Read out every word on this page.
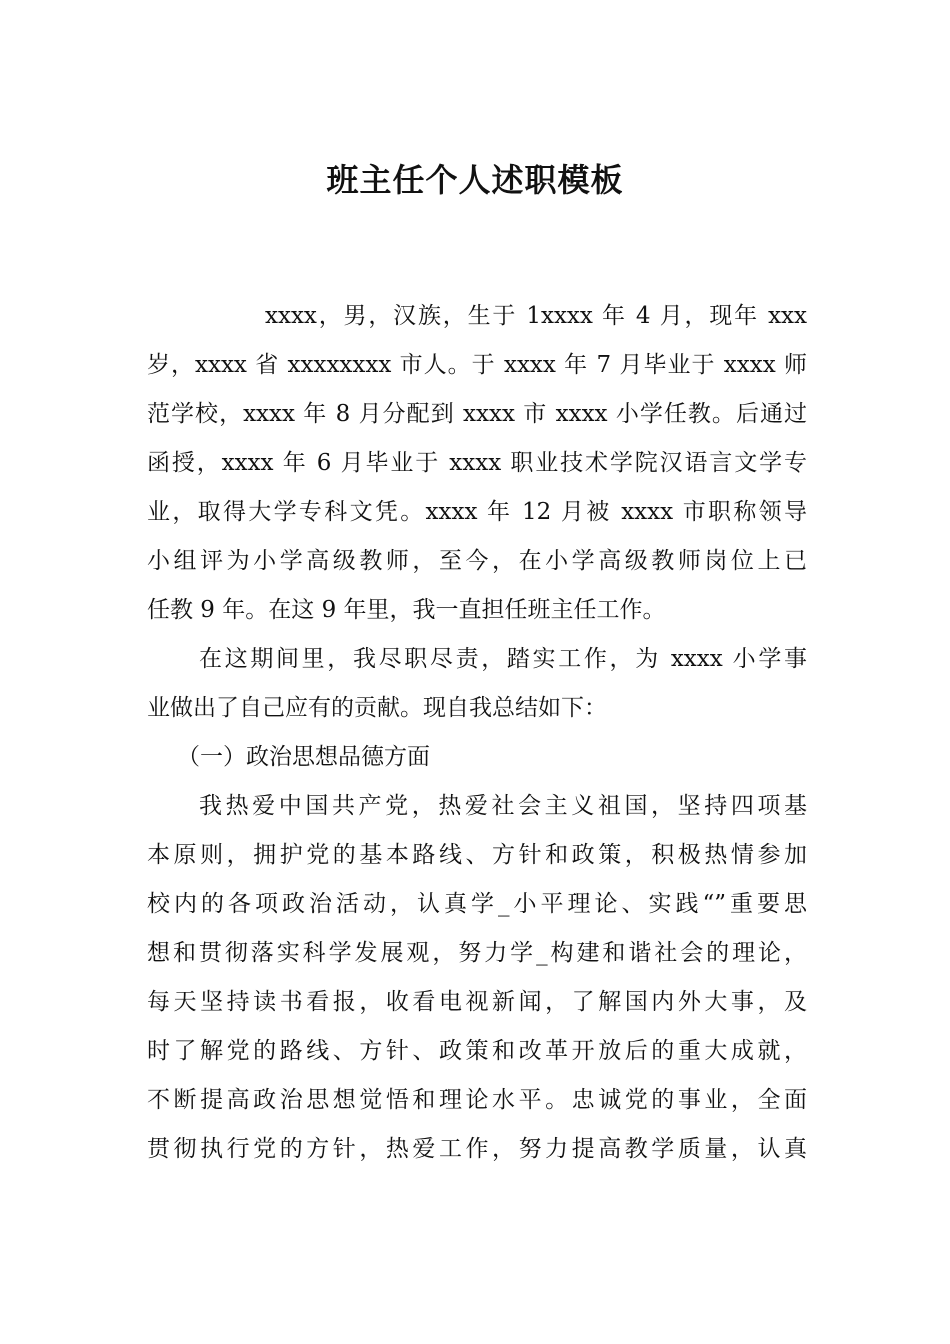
班主任个人述职模板
xxxx，男，汉族，生于 1xxxx 年 4 月，现年 xxx
岁，xxxx 省 xxxxxxxx 市人。于 xxxx 年 7 月毕业于 xxxx 师
范学校，xxxx 年 8 月分配到 xxxx 市 xxxx 小学任教。后通过
函授，xxxx 年 6 月毕业于 xxxx 职业技术学院汉语言文学专
业，取得大学专科文凭。xxxx 年 12 月被 xxxx 市职称领导
小组评为小学高级教师，至今，在小学高级教师岗位上已
任教 9 年。在这 9 年里，我一直担任班主任工作。
在这期间里，我尽职尽责，踏实工作，为 xxxx 小学事
业做出了自己应有的贡献。现自我总结如下：
（一）政治思想品德方面
我热爱中国共产党，热爱社会主义祖国，坚持四项基
本原则，拥护党的基本路线、方针和政策，积极热情参加
校内的各项政治活动，认真学_小平理论、实践“”重要思
想和贯彻落实科学发展观，努力学_构建和谐社会的理论，
每天坚持读书看报，收看电视新闻，了解国内外大事，及
时了解党的路线、方针、政策和改革开放后的重大成就，
不断提高政治思想觉悟和理论水平。忠诚党的事业，全面
贯彻执行党的方针，热爱工作，努力提高教学质量，认真
